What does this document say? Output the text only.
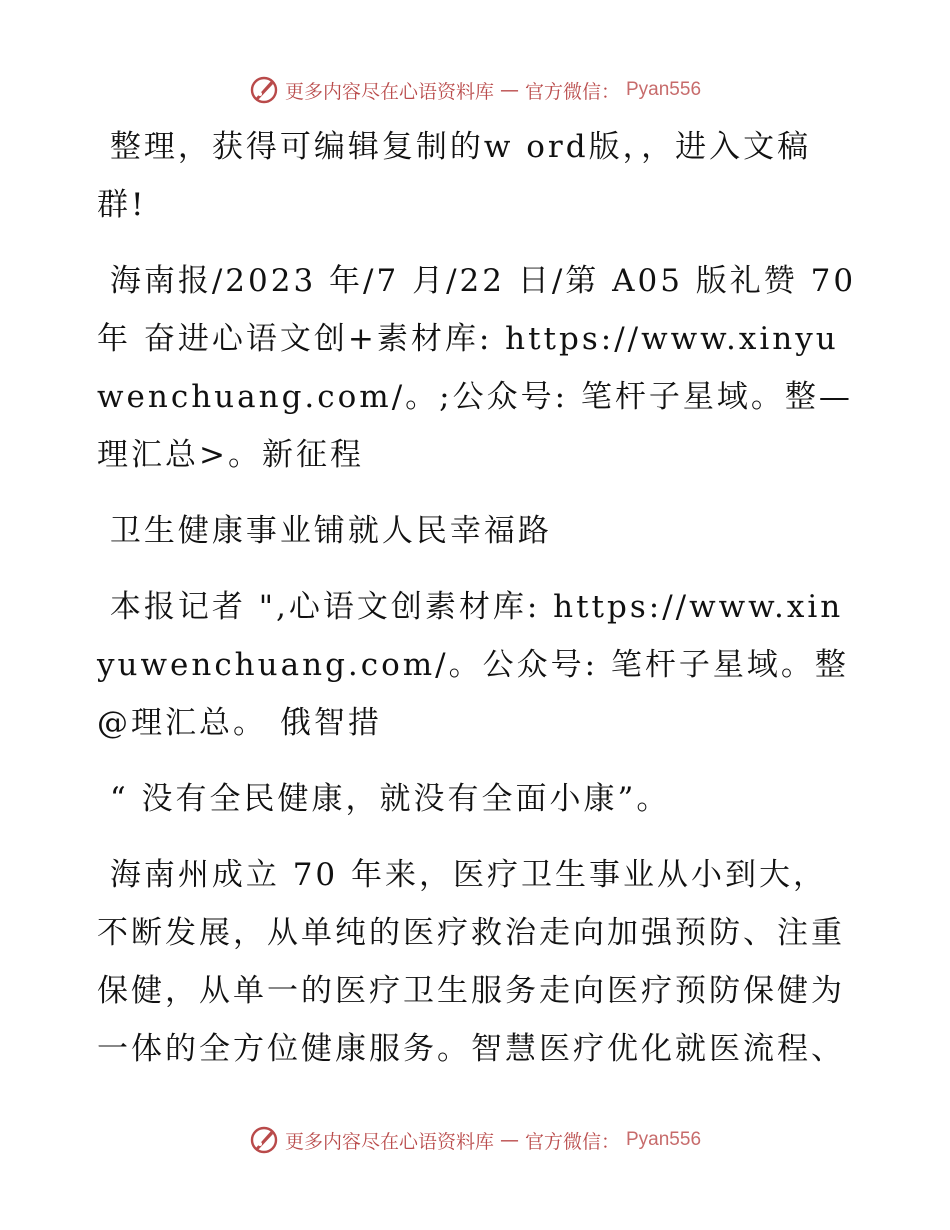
更多内容尽在心语资料库 — 官方微信： Pyan556

整理，获得可编辑复制的w ord版，，进入文稿群!

海南报/2023 年/7 月/22 日/第 A05 版礼赞 70 年 奋进心语文创+素材库: https://www.xinyuwenchuang.com/。;公众号: 笔杆子星域。整—理汇总>。新征程

卫生健康事业铺就人民幸福路

本报记者 ",心语文创素材库: https://www.xinyuwenchuang.com/。公众号: 笔杆子星域。整@理汇总。 俄智措

“ 没有全民健康，就没有全面小康”。

海南州成立 70 年来，医疗卫生事业从小到大，不断发展，从单纯的医疗救治走向加强预防、注重保健，从单一的医疗卫生服务走向医疗预防保健为一体的全方位健康服务。智慧医疗优化就医流程、

更多内容尽在心语资料库 — 官方微信： Pyan556
